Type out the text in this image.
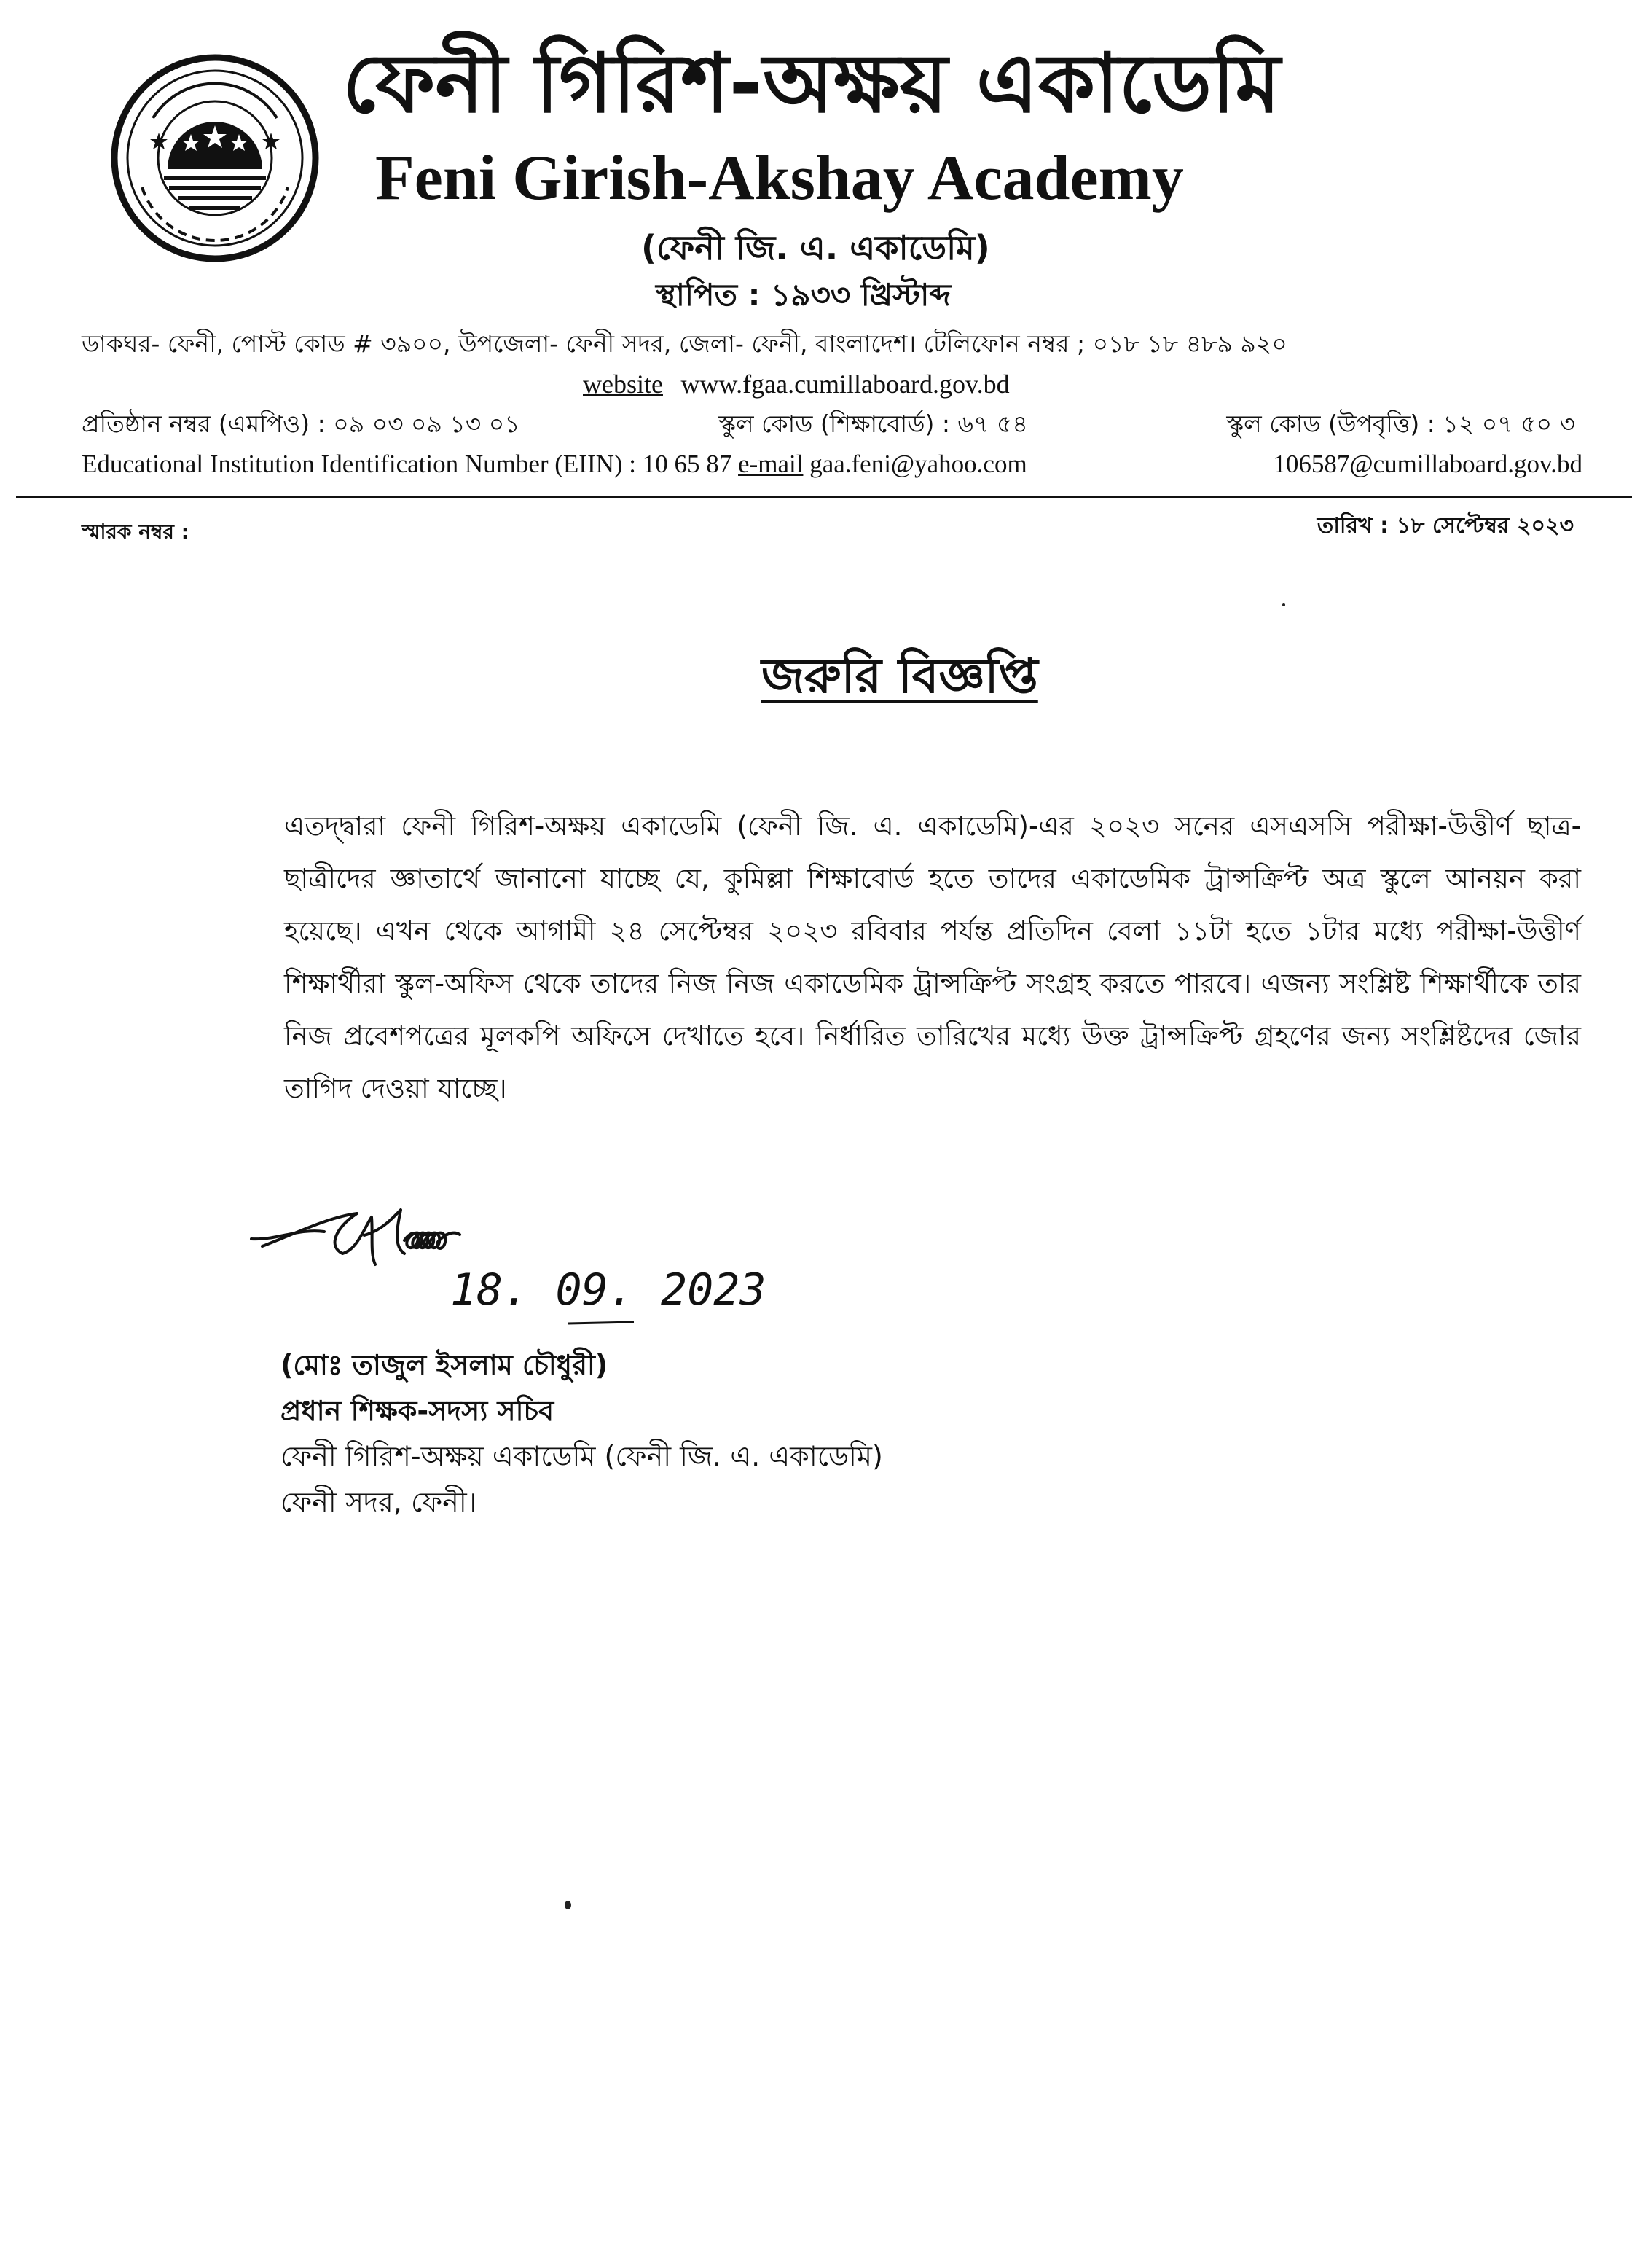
ফেনী গিরিশ-অক্ষয় একাডেমি
Feni Girish-Akshay Academy
(ফেনী জি. এ. একাডেমি)
স্থাপিত : ১৯৩৩ খ্রিস্টাব্দ
ডাকঘর- ফেনী, পোস্ট কোড # ৩৯০০, উপজেলা- ফেনী সদর, জেলা- ফেনী, বাংলাদেশ। টেলিফোন নম্বর ; ০১৮ ১৮ ৪৮৯ ৯২০
website www.fgaa.cumillaboard.gov.bd
প্রতিষ্ঠান নম্বর (এমপিও) : ০৯ ০৩ ০৯ ১৩ ০১	স্কুল কোড (শিক্ষাবোর্ড) : ৬৭ ৫৪	স্কুল কোড (উপবৃত্তি) : ১২ ০৭ ৫০ ৩
Educational Institution Identification Number (EIIN) : 10 65 87 e-mail gaa.feni@yahoo.com	106587@cumillaboard.gov.bd
স্মারক নম্বর :	তারিখ : ১৮ সেপ্টেম্বর ২০২৩
জরুরি বিজ্ঞপ্তি

এতদ্দ্বারা ফেনী গিরিশ-অক্ষয় একাডেমি (ফেনী জি. এ. একাডেমি)-এর ২০২৩ সনের এসএসসি পরীক্ষা-উত্তীর্ণ ছাত্র-ছাত্রীদের জ্ঞাতার্থে জানানো যাচ্ছে যে, কুমিল্লা শিক্ষাবোর্ড হতে তাদের একাডেমিক ট্রান্সক্রিপ্ট অত্র স্কুলে আনয়ন করা হয়েছে। এখন থেকে আগামী ২৪ সেপ্টেম্বর ২০২৩ রবিবার পর্যন্ত প্রতিদিন বেলা ১১টা হতে ১টার মধ্যে পরীক্ষা-উত্তীর্ণ শিক্ষার্থীরা স্কুল-অফিস থেকে তাদের নিজ নিজ একাডেমিক ট্রান্সক্রিপ্ট সংগ্রহ করতে পারবে। এজন্য সংশ্লিষ্ট শিক্ষার্থীকে তার নিজ প্রবেশপত্রের মূলকপি অফিসে দেখাতে হবে। নির্ধারিত তারিখের মধ্যে উক্ত ট্রান্সক্রিপ্ট গ্রহণের জন্য সংশ্লিষ্টদের জোর তাগিদ দেওয়া যাচ্ছে।

18. 09. 2023
(মোঃ তাজুল ইসলাম চৌধুরী)
প্রধান শিক্ষক-সদস্য সচিব
ফেনী গিরিশ-অক্ষয় একাডেমি (ফেনী জি. এ. একাডেমি)
ফেনী সদর, ফেনী।
